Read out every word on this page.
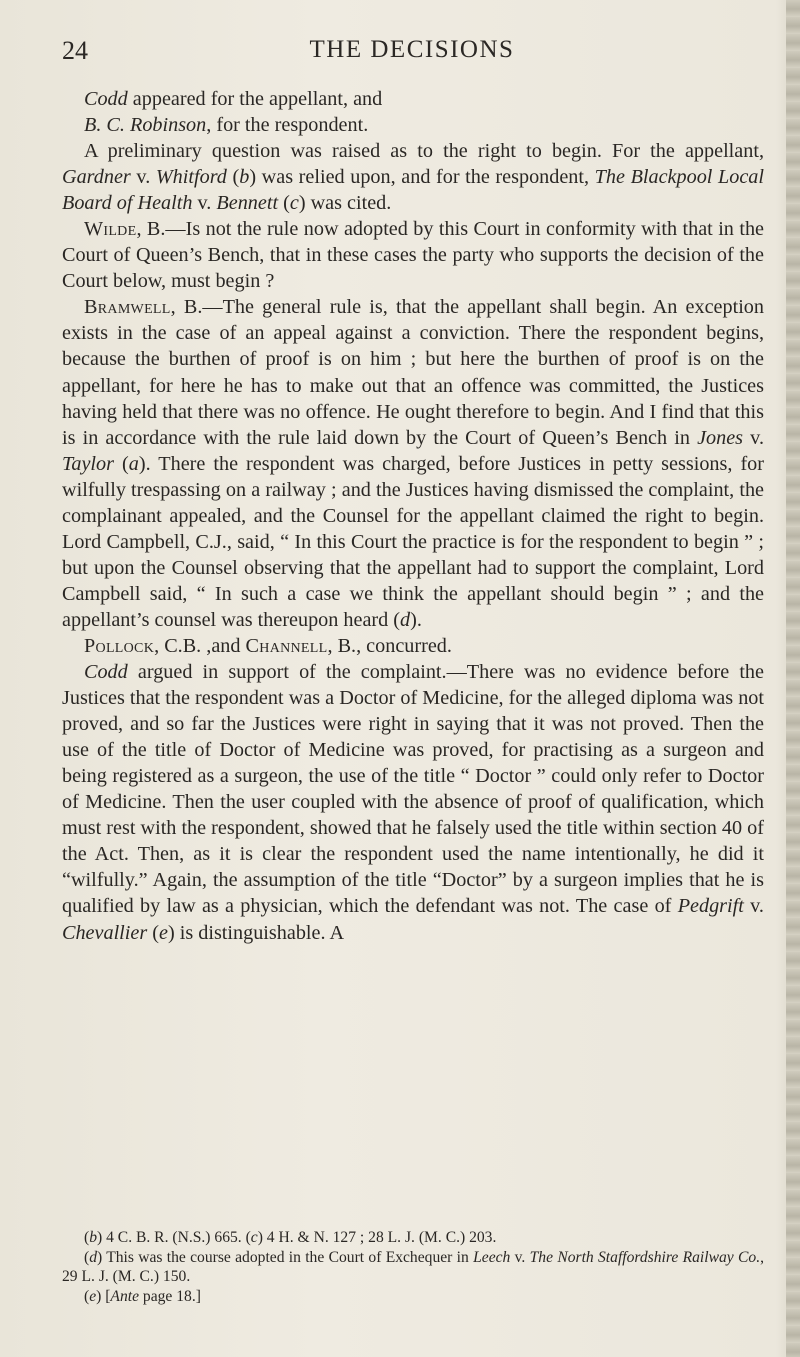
24	THE DECISIONS

Codd appeared for the appellant, and

B. C. Robinson, for the respondent.

A preliminary question was raised as to the right to begin. For the appellant, Gardner v. Whitford (b) was relied upon, and for the respondent, The Blackpool Local Board of Health v. Bennett (c) was cited.

Wilde, B.—Is not the rule now adopted by this Court in conformity with that in the Court of Queen’s Bench, that in these cases the party who supports the decision of the Court below, must begin ?

Bramwell, B.—The general rule is, that the appellant shall begin. An exception exists in the case of an appeal against a conviction. There the respondent begins, because the burthen of proof is on him ; but here the burthen of proof is on the appellant, for here he has to make out that an offence was committed, the Justices having held that there was no offence. He ought therefore to begin. And I find that this is in accordance with the rule laid down by the Court of Queen’s Bench in Jones v. Taylor (a). There the respondent was charged, before Justices in petty sessions, for wilfully trespassing on a railway ; and the Justices having dismissed the complaint, the complainant appealed, and the Counsel for the appellant claimed the right to begin. Lord Campbell, C.J., said, “ In this Court the practice is for the respondent to begin ” ; but upon the Counsel observing that the appellant had to support the complaint, Lord Campbell said, “ In such a case we think the appellant should begin ” ; and the appellant’s counsel was thereupon heard (d).

Pollock, C.B. ,and Channell, B., concurred.

Codd argued in support of the complaint.—There was no evidence before the Justices that the respondent was a Doctor of Medicine, for the alleged diploma was not proved, and so far the Justices were right in saying that it was not proved. Then the use of the title of Doctor of Medicine was proved, for practising as a surgeon and being registered as a surgeon, the use of the title “ Doctor ” could only refer to Doctor of Medicine. Then the user coupled with the absence of proof of qualification, which must rest with the respondent, showed that he falsely used the title within section 40 of the Act. Then, as it is clear the respondent used the name intentionally, he did it “wilfully.” Again, the assumption of the title “Doctor” by a surgeon implies that he is qualified by law as a physician, which the defendant was not. The case of Pedgrift v. Chevallier (e) is distinguishable. A

(b) 4 C. B. R. (N.S.) 665. (c) 4 H. & N. 127 ; 28 L. J. (M. C.) 203.

(d) This was the course adopted in the Court of Exchequer in Leech v. The North Staffordshire Railway Co., 29 L. J. (M. C.) 150.

(e) [Ante page 18.]
